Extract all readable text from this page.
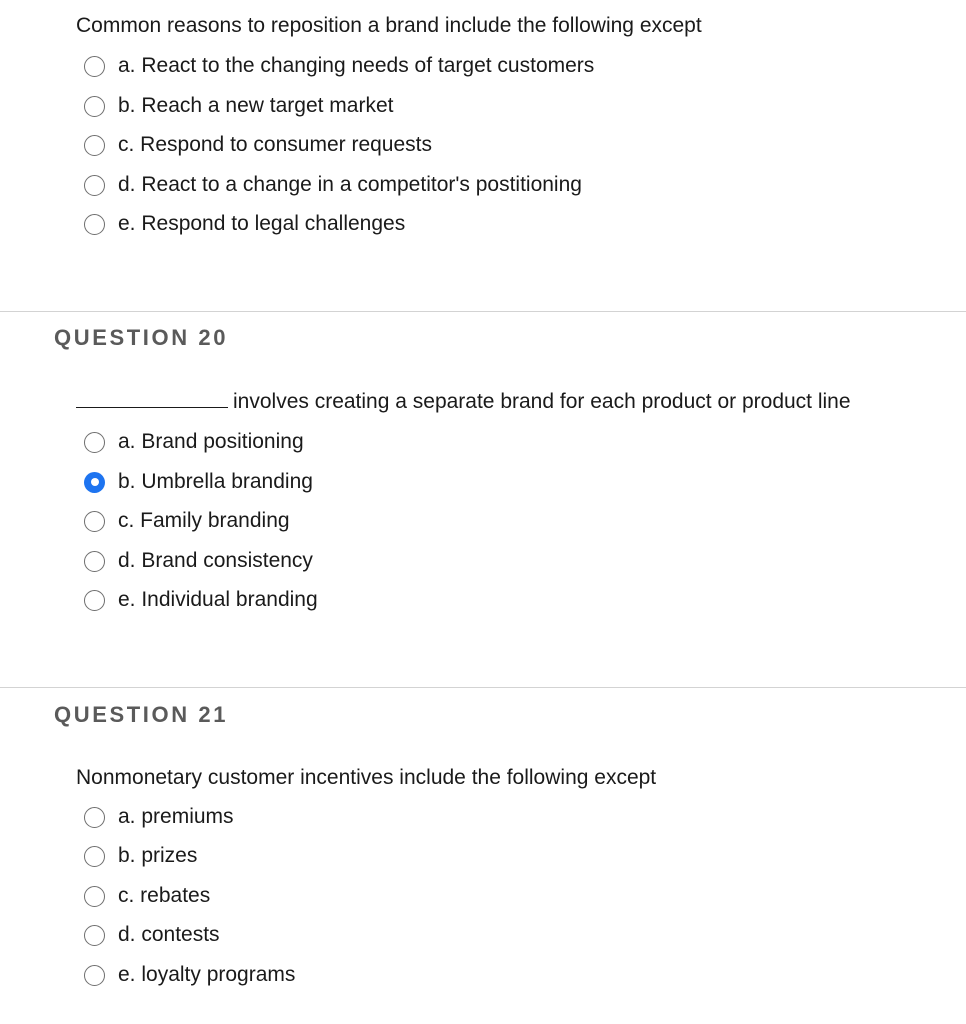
Common reasons to reposition a brand include the following except
a. React to the changing needs of target customers
b. Reach a new target market
c. Respond to consumer requests
d. React to a change in a competitor's postitioning
e. Respond to legal challenges
QUESTION 20
involves creating a separate brand for each product or product line
a. Brand positioning
b. Umbrella branding
c. Family branding
d. Brand consistency
e. Individual branding
QUESTION 21
Nonmonetary customer incentives include the following except
a. premiums
b. prizes
c. rebates
d. contests
e. loyalty programs
